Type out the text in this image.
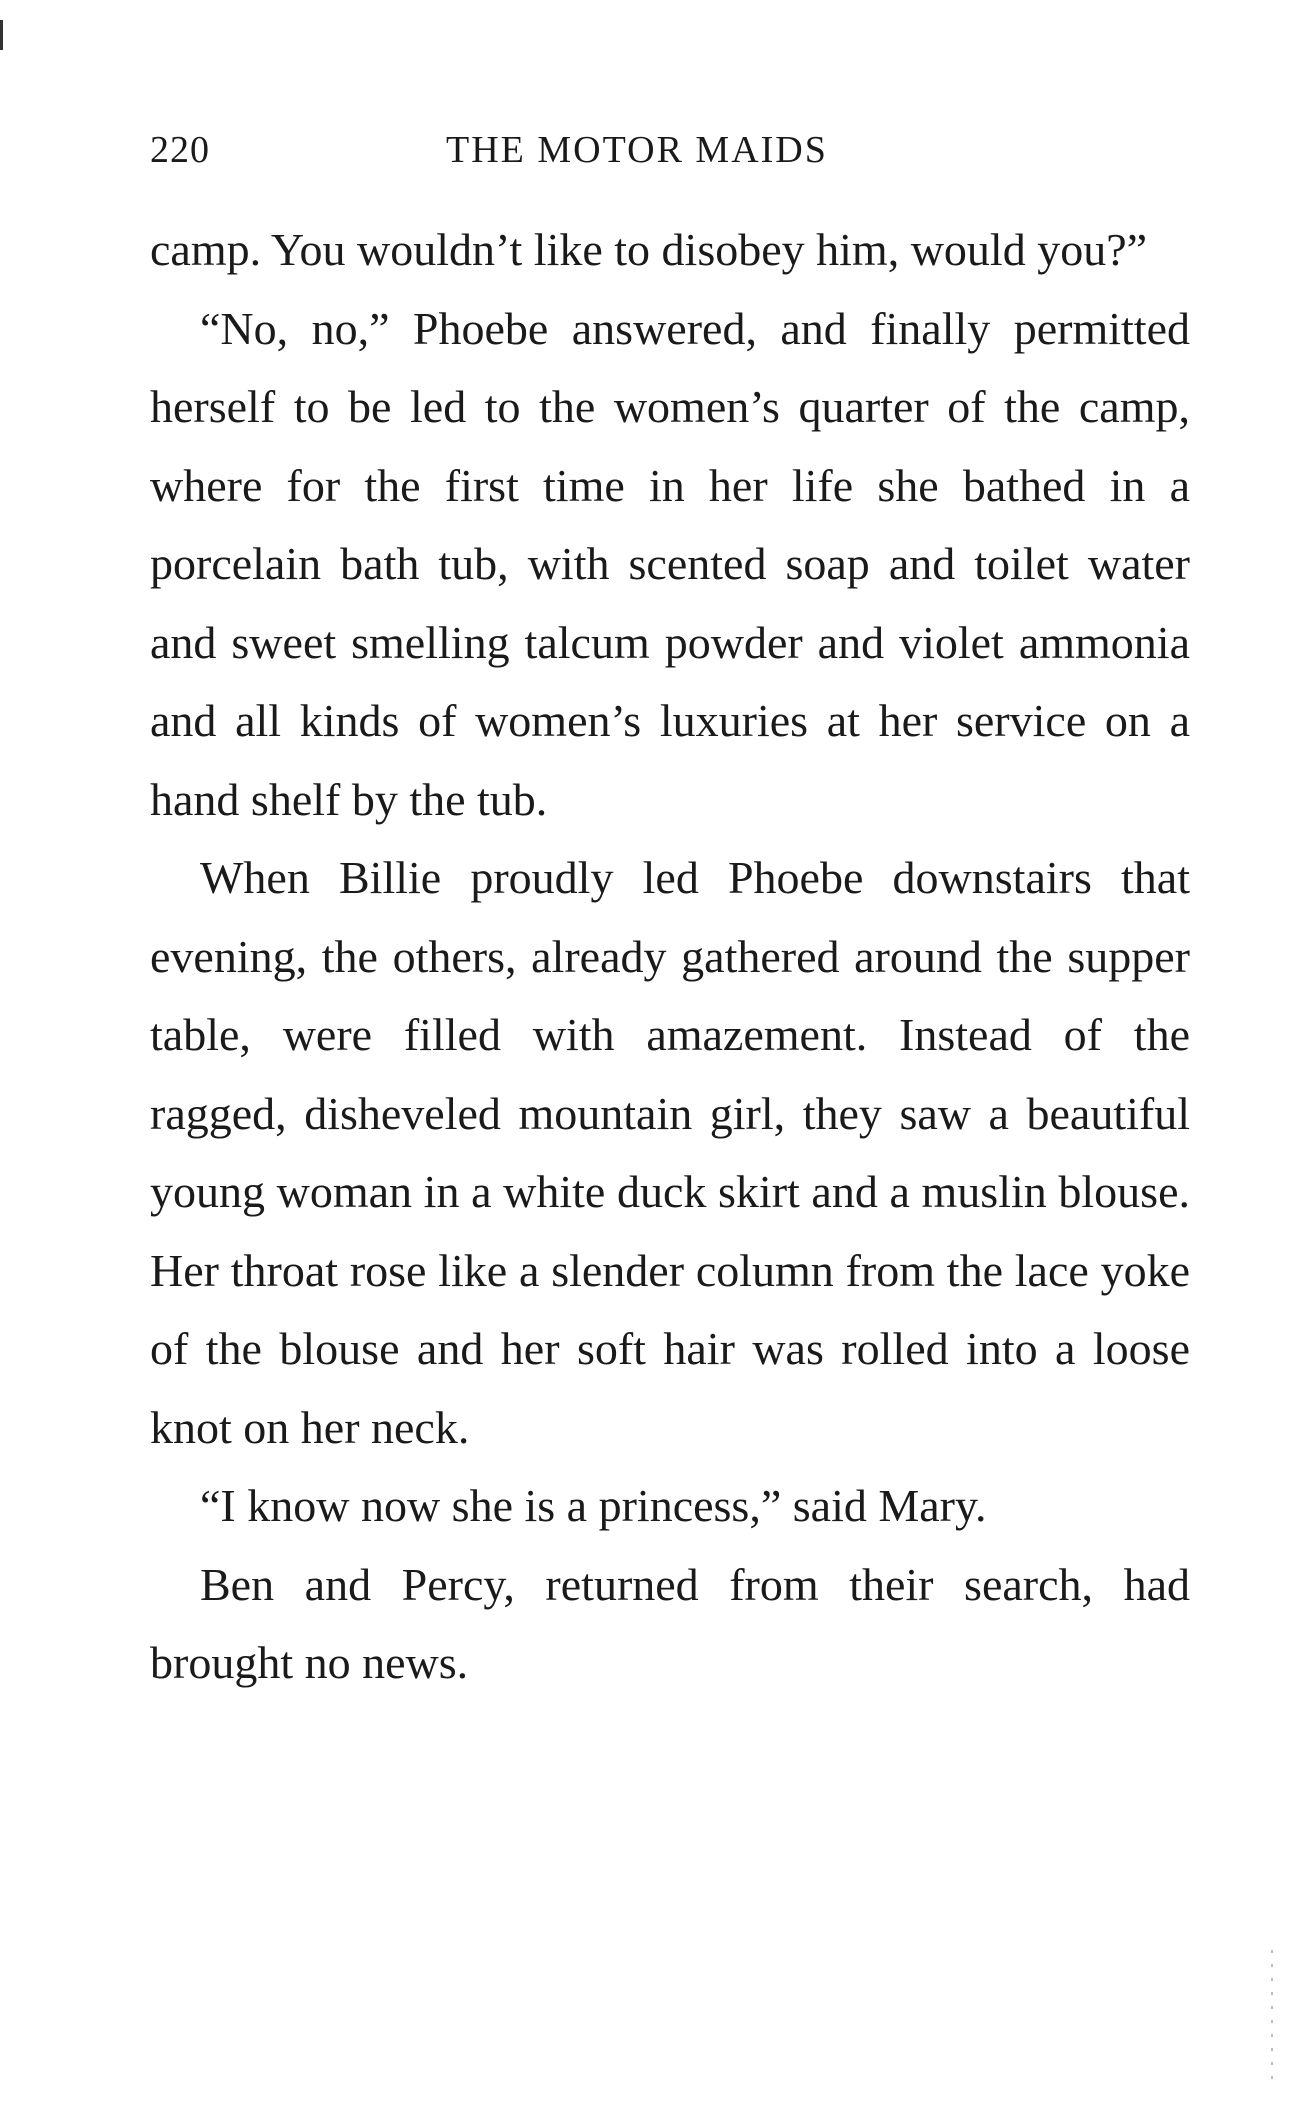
220	THE MOTOR MAIDS

camp. You wouldn’t like to disobey him, would you?”

“No, no,” Phoebe answered, and finally permitted herself to be led to the women’s quarter of the camp, where for the first time in her life she bathed in a porcelain bath tub, with scented soap and toilet water and sweet smelling talcum powder and violet ammonia and all kinds of women’s luxuries at her service on a hand shelf by the tub.

When Billie proudly led Phoebe downstairs that evening, the others, already gathered around the supper table, were filled with amazement. Instead of the ragged, disheveled mountain girl, they saw a beautiful young woman in a white duck skirt and a muslin blouse. Her throat rose like a slender column from the lace yoke of the blouse and her soft hair was rolled into a loose knot on her neck.

“I know now she is a princess,” said Mary.

Ben and Percy, returned from their search, had brought no news.
